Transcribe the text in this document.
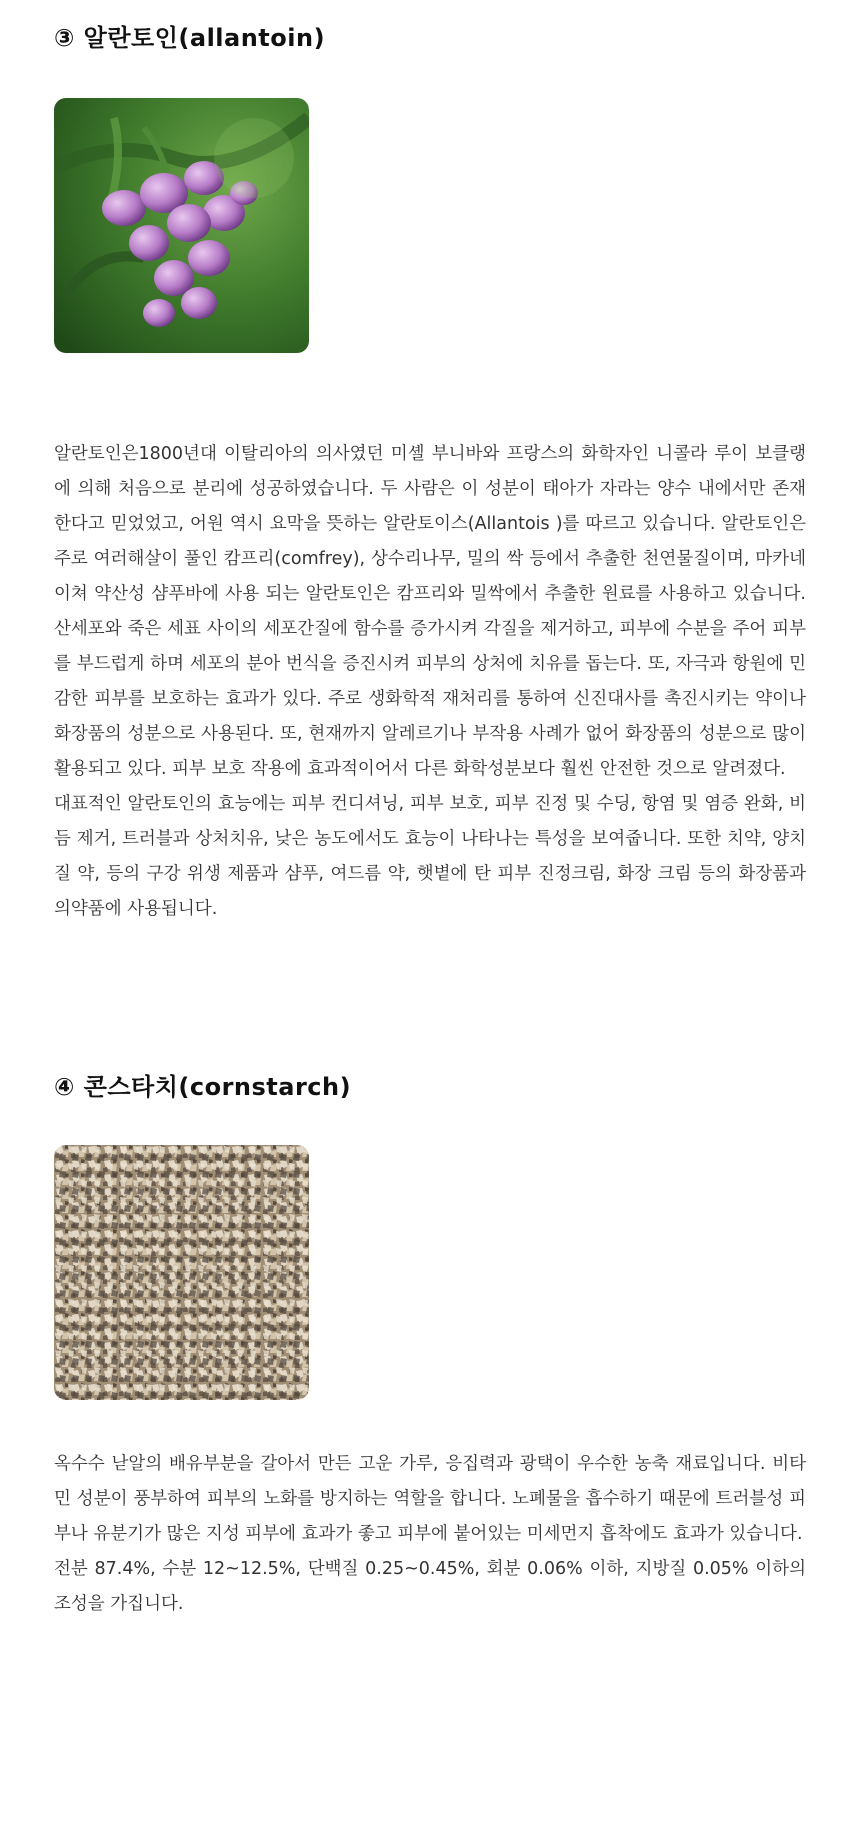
③ 알란토인(allantoin)

알란토인은1800년대 이탈리아의 의사였던 미셸 부니바와 프랑스의 화학자인 니콜라 루이 보클랭에 의해 처음으로 분리에 성공하였습니다. 두 사람은 이 성분이 태아가 자라는 양수 내에서만 존재한다고 믿었었고, 어원 역시 요막을 뜻하는 알란토이스(Allantois )를 따르고 있습니다. 알란토인은 주로 여러해살이 풀인 캄프리(comfrey), 상수리나무, 밀의 싹 등에서 추출한 천연물질이며, 마카네이쳐 약산성 샴푸바에 사용 되는 알란토인은 캄프리와 밀싹에서 추출한 원료를 사용하고 있습니다.산세포와 죽은 세표 사이의 세포간질에 함수를 증가시켜 각질을 제거하고, 피부에 수분을 주어 피부를 부드럽게 하며 세포의 분아 번식을 증진시켜 피부의 상처에 치유를 돕는다. 또, 자극과 항원에 민감한 피부를 보호하는 효과가 있다. 주로 생화학적 재처리를 통하여 신진대사를 촉진시키는 약이나 화장품의 성분으로 사용된다. 또, 현재까지 알레르기나 부작용 사례가 없어 화장품의 성분으로 많이 활용되고 있다. 피부 보호 작용에 효과적이어서 다른 화학성분보다 훨씬 안전한 것으로 알려졌다.

대표적인 알란토인의 효능에는 피부 컨디셔닝, 피부 보호, 피부 진정 및 수딩, 항염 및 염증 완화, 비듬 제거, 트러블과 상처치유, 낮은 농도에서도 효능이 나타나는 특성을 보여줍니다. 또한 치약, 양치질 약, 등의 구강 위생 제품과 샴푸, 여드름 약, 햇볕에 탄 피부 진정크림, 화장 크림 등의 화장품과 의약품에 사용됩니다.

④ 콘스타치(cornstarch)

옥수수 낟알의 배유부분을 갈아서 만든 고운 가루, 응집력과 광택이 우수한 농축 재료입니다. 비타민 성분이 풍부하여 피부의 노화를 방지하는 역할을 합니다. 노폐물을 흡수하기 때문에 트러블성 피부나 유분기가 많은 지성 피부에 효과가 좋고 피부에 붙어있는 미세먼지 흡착에도 효과가 있습니다.

전분 87.4%, 수분 12~12.5%, 단백질 0.25~0.45%, 회분 0.06% 이하, 지방질 0.05% 이하의 조성을 가집니다.
